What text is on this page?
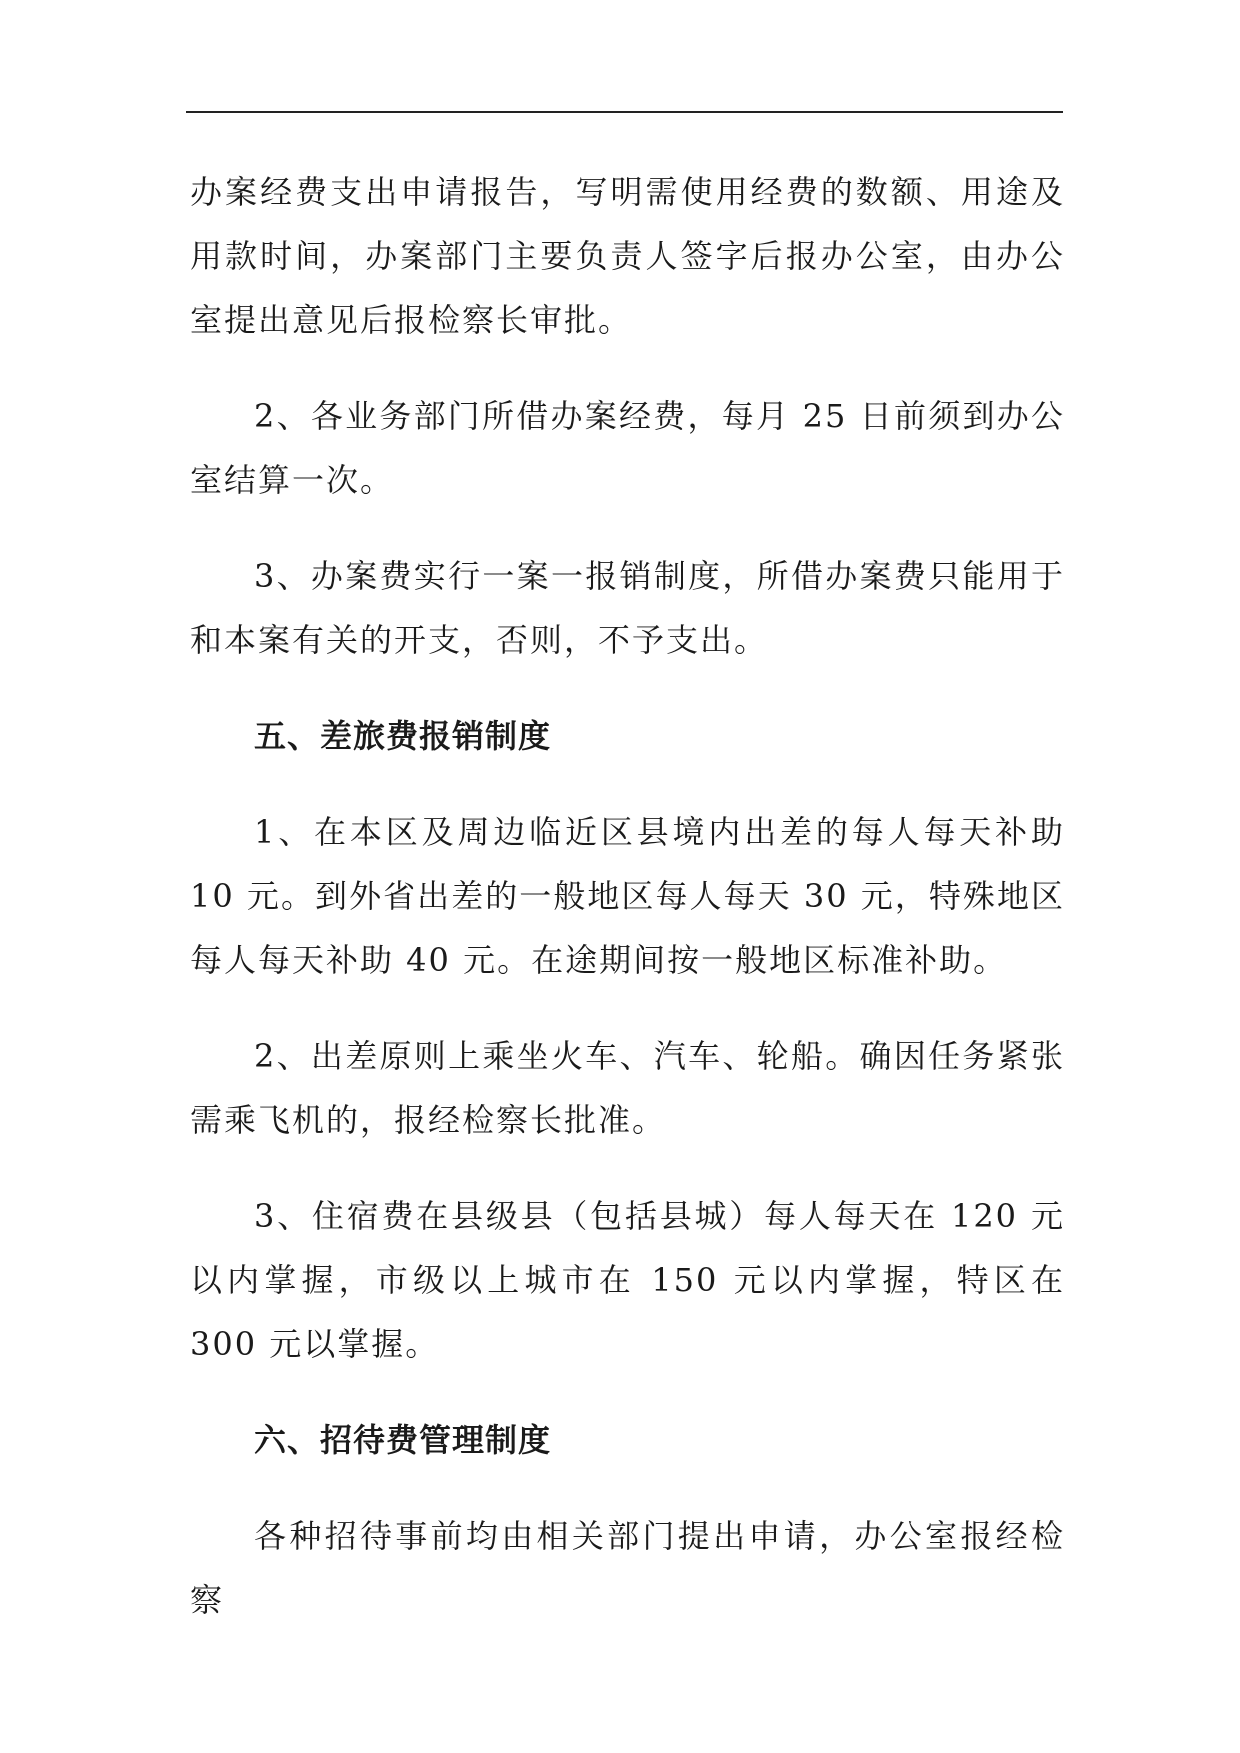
办案经费支出申请报告，写明需使用经费的数额、用途及用款时间，办案部门主要负责人签字后报办公室，由办公室提出意见后报检察长审批。

2、各业务部门所借办案经费，每月 25 日前须到办公室结算一次。

3、办案费实行一案一报销制度，所借办案费只能用于和本案有关的开支，否则，不予支出。

五、差旅费报销制度

1、在本区及周边临近区县境内出差的每人每天补助 10 元。到外省出差的一般地区每人每天 30 元，特殊地区每人每天补助 40 元。在途期间按一般地区标准补助。

2、出差原则上乘坐火车、汽车、轮船。确因任务紧张需乘飞机的，报经检察长批准。

3、住宿费在县级县（包括县城）每人每天在 120 元以内掌握，市级以上城市在 150 元以内掌握，特区在 300 元以掌握。

六、招待费管理制度

各种招待事前均由相关部门提出申请，办公室报经检察
